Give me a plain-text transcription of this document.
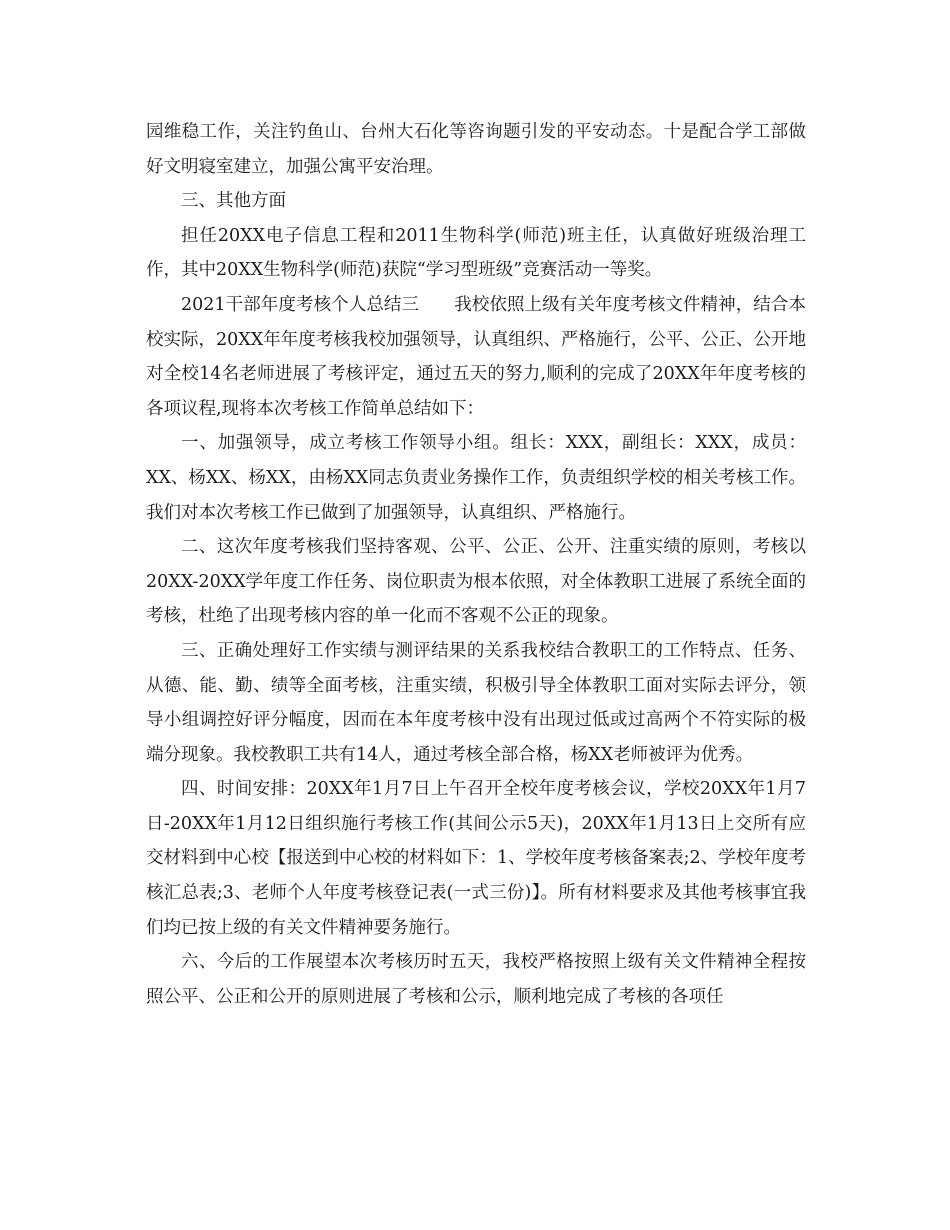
园维稳工作，关注钓鱼山、台州大石化等咨询题引发的平安动态。十是配合学工部做好文明寝室建立，加强公寓平安治理。

三、其他方面

担任20XX电子信息工程和2011生物科学(师范)班主任，认真做好班级治理工作，其中20XX生物科学(师范)获院“学习型班级”竞赛活动一等奖。

2021干部年度考核个人总结三　　我校依照上级有关年度考核文件精神，结合本校实际，20XX年年度考核我校加强领导，认真组织、严格施行，公平、公正、公开地对全校14名老师进展了考核评定，通过五天的努力,顺利的完成了20XX年年度考核的各项议程,现将本次考核工作简单总结如下：

一、加强领导，成立考核工作领导小组。组长：XXX，副组长：XXX，成员：XX、杨XX、杨XX，由杨XX同志负责业务操作工作，负责组织学校的相关考核工作。我们对本次考核工作已做到了加强领导，认真组织、严格施行。

二、这次年度考核我们坚持客观、公平、公正、公开、注重实绩的原则，考核以20XX-20XX学年度工作任务、岗位职责为根本依照，对全体教职工进展了系统全面的考核，杜绝了出现考核内容的单一化而不客观不公正的现象。

三、正确处理好工作实绩与测评结果的关系我校结合教职工的工作特点、任务、从德、能、勤、绩等全面考核，注重实绩，积极引导全体教职工面对实际去评分，领导小组调控好评分幅度，因而在本年度考核中没有出现过低或过高两个不符实际的极端分现象。我校教职工共有14人，通过考核全部合格，杨XX老师被评为优秀。

四、时间安排：20XX年1月7日上午召开全校年度考核会议，学校20XX年1月7日-20XX年1月12日组织施行考核工作(其间公示5天)，20XX年1月13日上交所有应交材料到中心校【报送到中心校的材料如下：1、学校年度考核备案表;2、学校年度考核汇总表;3、老师个人年度考核登记表(一式三份)】。所有材料要求及其他考核事宜我们均已按上级的有关文件精神要务施行。

六、今后的工作展望本次考核历时五天，我校严格按照上级有关文件精神全程按照公平、公正和公开的原则进展了考核和公示，顺利地完成了考核的各项任
